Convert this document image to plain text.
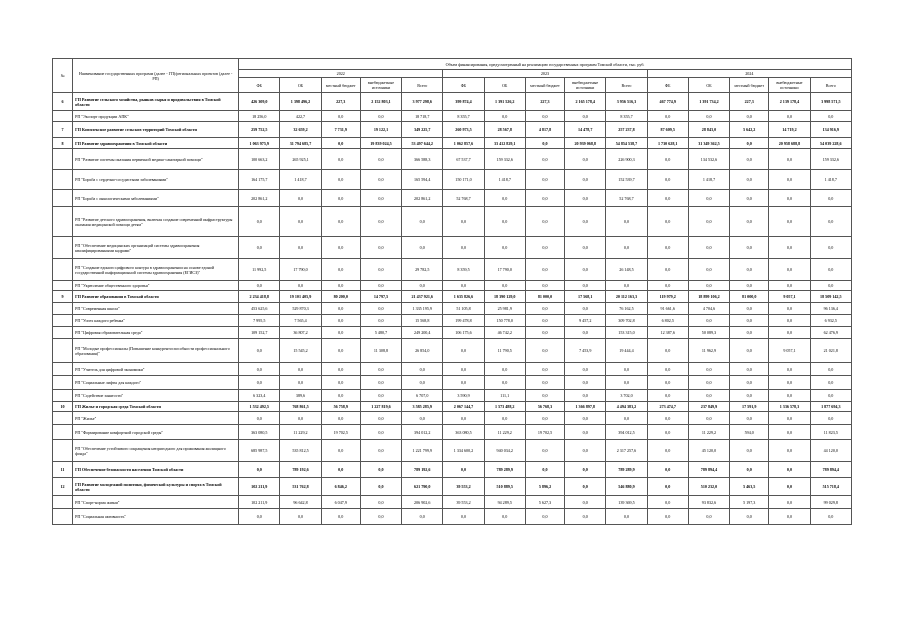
№	Наименование государственных программ (далее - ГП)/региональных проектов (далее - РП)	Объем финансирования, предусмотренный на реализацию государственных программ Томской области, тыс. руб.														
		2022					2023					2024				
		ФБ	ОБ	местный бюджет	внебюджетные источники	Всего	ФБ	ОБ	местный бюджет	внебюджетные источники	Всего	ФБ	ОБ	местный бюджет	внебюджетные источники	Всего
6	ГП Развитие сельского хозяйства, рынков сырья и продовольствия в Томской области	426 309,0	1 398 496,2	227,3	2 152 803,1	3 977 298,6	399 874,4	1 391 526,2	227,3	2 165 178,4	3 956 516,3	467 774,9	1 391 734,2	227,3	2 139 178,4	3 998 571,5
	РП "Экспорт продукции АПК"	18 256,0	422,7	0,0	0,0	18 718,7	8 355,7	0,0	0,0	0,0	8 355,7	0,0	0,0	0,0	0,0	0,0
7	ГП Комплексное развитие сельских территорий Томской области	259 752,5	32 659,2	7 731,9	19 122,1	349 225,7	260 973,5	28 567,8	4 817,8	14 478,7	257 237,8	87 609,5	28 843,0	5 642,2	14 719,2	134 916,9
8	ГП Развитие здравоохранения в Томской области	1 063 975,9	31 794 685,7	0,0	19 839 024,5	53 497 644,2	1 062 857,6	33 412 829,1	0,0	20 939 068,8	54 854 538,7	1 730 628,1	31 349 362,5	0,0	20 958 688,8	54 039 228,6
	РП "Развитие системы оказания первичной медико-санитарной помощи"	100 663,2	265 925,1	0,0	0,0	366 588,3	67 537,7	159 332,6	0,0	0,0	226 900,3	0,0	134 532,6	0,0	0,0	159 332,6
	РП "Борьба с сердечно-сосудистыми заболеваниями"	164 175,7	1 418,7	0,0	0,0	165 594,4	150 171,0	1 418,7	0,0	0,0	152 539,7	0,0	1 418,7	0,0	0,0	1 418,7
	РП "Борьба с онкологическими заболеваниями"	202 861,2	0,0	0,0	0,0	202 861,2	52 768,7	0,0	0,0	0,0	52 768,7	0,0	0,0	0,0	0,0	0,0
	РП "Развитие детского здравоохранения, включая создание современной инфраструктуры оказания медицинской помощи детям"	0,0	0,0	0,0	0,0	0,0	0,0	0,0	0,0	0,0	0,0	0,0	0,0	0,0	0,0	0,0
	РП "Обеспечение медицинских организаций системы здравоохранения квалифицированными кадрами"	0,0	0,0	0,0	0,0	0,0	0,0	0,0	0,0	0,0	0,0	0,0	0,0	0,0	0,0	0,0
	РП "Создание единого цифрового контура в здравоохранении на основе единой государственной информационной системы здравоохранения (ЕГИСЗ)"	11 992,5	17 790,0	0,0	0,0	29 782,5	8 359,5	17 790,0	0,0	0,0	26 148,5	0,0	0,0	0,0	0,0	0,0
	РП "Укрепление общественного здоровья"	0,0	0,0	0,0	0,0	0,0	0,0	0,0	0,0	0,0	0,0	0,0	0,0	0,0	0,0	0,0
9	ГП Развитие образования в Томской области	2 234 418,8	19 101 405,9	80 200,0	14 797,5	21 437 921,6	1 635 826,6	18 390 129,0	81 000,0	17 568,1	20 112 163,3	119 979,2	18 899 106,2	81 000,0	9 057,1	18 509 142,5
	РП "Современная школа"	453 625,6	529 870,3	0,0	0,0	1 335 195,9	51 105,8	25 981,9	0,0	0,0	76 162,5	91 661,6	4 704,6	0,0	0,0	96 136,4
	РП "Успех каждого ребенка"	7 995,5	7 565,4	0,0	0,0	15 568,8	199 478,8	150 778,0	0,0	9 457,2	309 702,8	6 802,5	0,0	0,0	0,0	6 932,5
	РП "Цифровая образовательная среда"	109 152,7	36 807,2	0,0	5 480,7	249 200,4	106 175,6	46 742,2	0,0	0,0	153 315,0	12 387,6	50 089,3	0,0	0,0	62 476,9
	РП "Молодые профессионалы (Повышение конкурентоспособности профессионального образования)"	0,0	15 545,2	0,0	11 308,8	26 854,0	0,0	11 790,5	0,0	7 453,9	19 444,4	0,0	11 962,9	0,0	9 057,1	21 021,8
	РП "Учитель для цифровой экономики"	0,0	0,0	0,0	0,0	0,0	0,0	0,0	0,0	0,0	0,0	0,0	0,0	0,0	0,0	0,0
	РП "Социальные лифты для каждого"	0,0	0,0	0,0	0,0	0,0	0,0	0,0	0,0	0,0	0,0	0,0	0,0	0,0	0,0	0,0
	РП "Содействие занятости"	6 323,4	389,6	0,0	0,0	6 707,0	3 590,9	111,1	0,0	0,0	3 702,0	0,0	0,0	0,0	0,0	0,0
10	ГП Жилье и городская среда Томской области	1 532 492,5	768 861,5	56 758,9	1 227 819,6	3 585 285,9	2 067 144,7	1 573 488,2	56 768,3	1 366 897,8	4 494 383,2	273 474,7	237 849,9	17 591,9	1 336 578,3	1 877 694,3
	РП "Жилье"	0,0	0,0	0,0	0,0	0,0	0,0	0,0	0,0	0,0	0,0	0,0	0,0	0,0	0,0	0,0
	РП "Формирование комфортной городской среды"	363 080,5	11 229,2	19 702,5	0,0	394 012,2	363 080,5	11 229,2	19 702,5	0,0	394 012,5	0,0	11 229,2	594,0	0,0	11 823,5
	РП "Обеспечение устойчивого сокращения непригодного для проживания жилищного фонда"	685 987,5	535 812,5	0,0	0,0	1 221 799,9	1 334 600,2	940 034,2	0,0	0,0	2 317 257,6	0,0	45 120,0	0,0	0,0	44 120,0
11	ГП Обеспечение безопасности населения Томской области	0,0	789 192,6	0,0	0,0	789 192,6	0,0	789 289,9	0,0	0,0	789 289,9	0,0	789 894,4	0,0	0,0	789 894,4
12	ГП Развитие молодежной политики, физической культуры и спорта в Томской области	102 211,9	531 762,8	6 846,2	0,0	621 790,0	39 553,2	510 889,5	5 896,2	0,0	546 880,9	0,0	510 232,0	5 463,5	0,0	515 718,4
	РП "Спорт-норма жизни"	102 211,9	96 642,8	6 047,9	0,0	206 902,6	39 553,2	94 289,5	5 627,3	0,0	139 369,5	0,0	93 832,6	5 197,3	0,0	99 029,8
	РП "Социальная активность"	0,0	0,0	0,0	0,0	0,0	0,0	0,0	0,0	0,0	0,0	0,0	0,0	0,0	0,0	0,0
